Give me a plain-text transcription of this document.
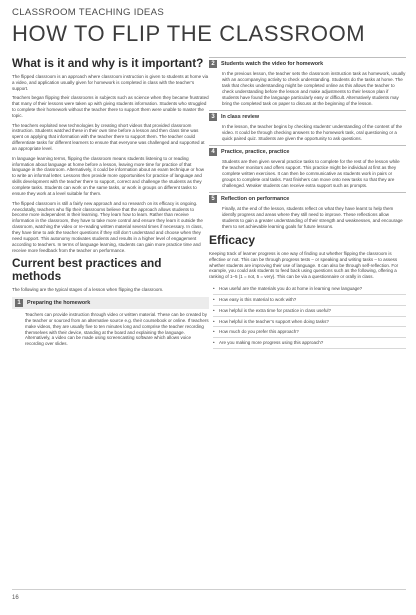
CLASSROOM TEACHING IDEAS
HOW TO FLIP THE CLASSROOM
What is it and why is it important?

The flipped classroom is an approach where classroom instruction is given to students at home via a video, and application usually given for homework is completed in class with the teacher’s support.

Teachers began flipping their classrooms in subjects such as science when they became frustrated that many of their lessons were taken up with giving students information. Students who struggled to complete their homework without the teacher there to support them were unable to master the topic.

The teachers exploited new technologies by creating short videos that provided classroom instruction. Students watched these in their own time before a lesson and then class time was spent on applying that information with the teacher there to support them. The teacher could differentiate tasks for different learners to ensure that everyone was challenged and supported at an appropriate level.

In language learning terms, flipping the classroom means students listening to or reading information about language at home before a lesson, leaving more time for practice of that language in the classroom. Alternatively, it could be information about an exam technique or how to write an informal letter. Lessons then provide more opportunities for practice of language and skills development with the teacher there to support, correct and challenge the students as they complete tasks. Students can work on the same tasks, or work in groups on different tasks to ensure they work at a level suitable for them.

The flipped classroom is still a fairly new approach and so research on its efficacy is ongoing. Anecdotally, teachers who flip their classrooms believe that the approach allows students to become more independent in their learning. They learn how to learn. Rather than receive information in the classroom, they have to take more control and ensure they learn it outside the classroom, watching the video or re-reading written material several times if necessary. In class, they have time to ask the teacher questions if they still don’t understand and choose when they need support. This autonomy motivates students and results in a higher level of engagement according to teachers. In terms of language learning, students can gain more practice time and receive more feedback from the teacher on performance.

Current best practices and methods

The following are the typical stages of a lesson when flipping the classroom.

1	Preparing the homework

Teachers can provide instruction through video or written material. These can be created by the teacher or sourced from an alternative source e.g. their coursebook or online. If teachers make videos, they are usually five to ten minutes long and comprise the teacher recording themselves with their device, standing at the board and explaining the language. Alternatively, a video can be made using screencasting software which allows voice recording over slides.

2	Students watch the video for homework

In the previous lesson, the teacher sets the classroom instruction task as homework, usually with an accompanying activity to check understanding. Students do the tasks at home. The task that checks understanding might be completed online as this allows the teacher to check understanding before the lesson and make adjustments to their lesson plan if students have found the language particularly easy or difficult. Alternatively students may bring the completed task on paper to discuss at the beginning of the lesson.

3	In class review

In the lesson, the teacher begins by checking students’ understanding of the content of the video. It could be through checking answers to the homework task, oral questioning or a quick paired quiz. Students are given the opportunity to ask questions.

4	Practice, practice, practice

Students are then given several practice tasks to complete for the rest of the lesson while the teacher monitors and offers support. This practice might be individual at first as they complete written exercises. It can then be communicative as students work in pairs or groups to complete oral tasks. Fast finishers can move onto new tasks so that they are challenged. Weaker students can receive extra support such as prompts.

5	Reflection on performance

Finally, at the end of the lesson, students reflect on what they have learnt to help them identify progress and areas where they still need to improve. These reflections allow students to gain a greater understanding of their strength and weaknesses, and encourage them to set achievable learning goals for future lessons.

Efficacy

Keeping track of learner progress is one way of finding out whether flipping the classroom is effective or not. This can be through progress tests – or speaking and writing tasks – to assess whether students are improving their use of language. It can also be through self-reflection. For example, you could ask students to feed back using questions such as the following, offering a ranking of 1–5 (1 = not, 5 = very). This can be via a questionnaire or orally in class.

• How useful are the materials you do at home in learning new language?
• How easy is this material to work with?
• How helpful is the extra time for practice in class useful?
• How helpful is the teacher’s support when doing tasks?
• How much do you prefer this approach?
• Are you making more progress using this approach?
16
